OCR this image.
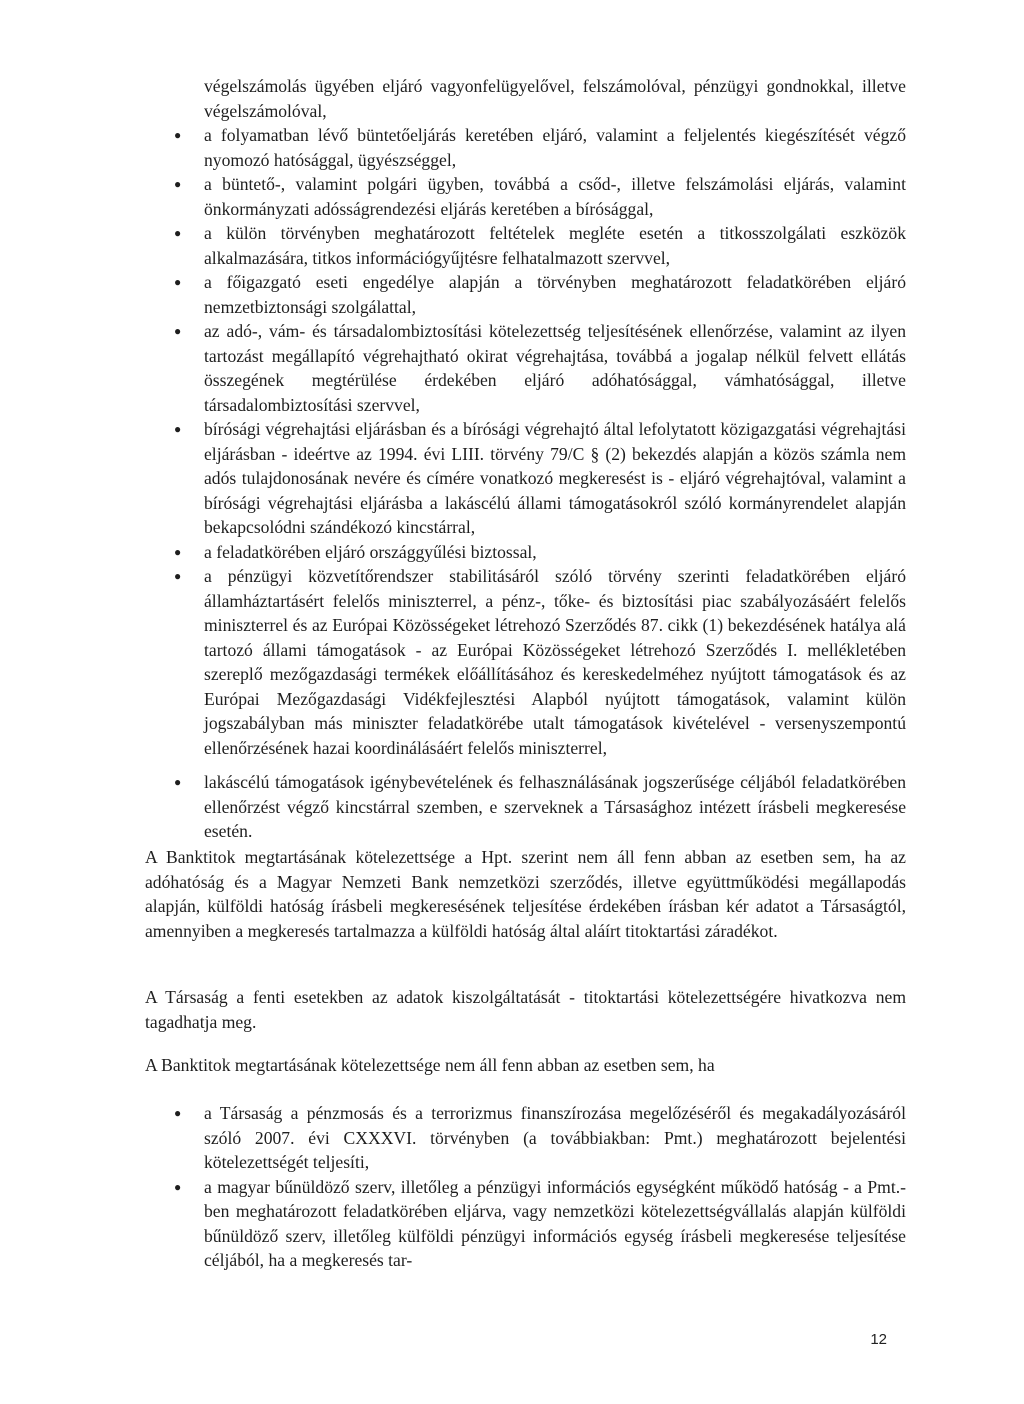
végelszámolás ügyében eljáró vagyonfelügyelővel, felszámolóval, pénzügyi gondnokkal, illetve végelszámolóval,
● a folyamatban lévő büntetőeljárás keretében eljáró, valamint a feljelentés kiegészítését végző nyomozó hatósággal, ügyészséggel,
● a büntető-, valamint polgári ügyben, továbbá a csőd-, illetve felszámolási eljárás, valamint önkormányzati adósságrendezési eljárás keretében a bírósággal,
● a külön törvényben meghatározott feltételek megléte esetén a titkosszolgálati eszközök alkalmazására, titkos információgyűjtésre felhatalmazott szervvel,
● a főigazgató eseti engedélye alapján a törvényben meghatározott feladatkörében eljáró nemzetbiztonsági szolgálattal,
● az adó-, vám- és társadalombiztosítási kötelezettség teljesítésének ellenőrzése, valamint az ilyen tartozást megállapító végrehajtható okirat végrehajtása, továbbá a jogalap nélkül felvett ellátás összegének megtérülése érdekében eljáró adóhatósággal, vámhatósággal, illetve társadalombiztosítási szervvel,
● bírósági végrehajtási eljárásban és a bírósági végrehajtó által lefolytatott közigazgatási végrehajtási eljárásban - ideértve az 1994. évi LIII. törvény 79/C § (2) bekezdés alapján a közös számla nem adós tulajdonosának nevére és címére vonatkozó megkeresést is - eljáró végrehajtóval, valamint a bírósági végrehajtási eljárásba a lakáscélú állami támogatásokról szóló kormányrendelet alapján bekapcsolódni szándékozó kincstárral,
● a feladatkörében eljáró országgyűlési biztossal,
● a pénzügyi közvetítőrendszer stabilitásáról szóló törvény szerinti feladatkörében eljáró államháztartásért felelős miniszterrel, a pénz-, tőke- és biztosítási piac szabályozásáért felelős miniszterrel és az Európai Közösségeket létrehozó Szerződés 87. cikk (1) bekezdésének hatálya alá tartozó állami támogatások - az Európai Közösségeket létrehozó Szerződés I. mellékletében szereplő mezőgazdasági termékek előállításához és kereskedelméhez nyújtott támogatások és az Európai Mezőgazdasági Vidékfejlesztési Alapból nyújtott támogatások, valamint külön jogszabályban más miniszter feladatkörébe utalt támogatások kivételével - versenyszempontú ellenőrzésének hazai koordinálásáért felelős miniszterrel,
● lakáscélú támogatások igénybevételének és felhasználásának jogszerűsége céljából feladatkörében ellenőrzést végző kincstárral szemben, e szerveknek a Társasághoz intézett írásbeli megkeresése esetén.
A Banktitok megtartásának kötelezettsége a Hpt. szerint nem áll fenn abban az esetben sem, ha az adóhatóság és a Magyar Nemzeti Bank nemzetközi szerződés, illetve együttműködési megállapodás alapján, külföldi hatóság írásbeli megkeresésének teljesítése érdekében írásban kér adatot a Társaságtól, amennyiben a megkeresés tartalmazza a külföldi hatóság által aláírt titoktartási záradékot.
A Társaság a fenti esetekben az adatok kiszolgáltatását - titoktartási kötelezettségére hivatkozva nem tagadhatja meg.
A Banktitok megtartásának kötelezettsége nem áll fenn abban az esetben sem, ha
● a Társaság a pénzmosás és a terrorizmus finanszírozása megelőzéséről és megakadályozásáról szóló 2007. évi CXXXVI. törvényben (a továbbiakban: Pmt.) meghatározott bejelentési kötelezettségét teljesíti,
● a magyar bűnüldöző szerv, illetőleg a pénzügyi információs egységként működő hatóság - a Pmt.-ben meghatározott feladatkörében eljárva, vagy nemzetközi kötelezettségvállalás alapján külföldi bűnüldöző szerv, illetőleg külföldi pénzügyi információs egység írásbeli megkeresése teljesítése céljából, ha a megkeresés tar-
12
